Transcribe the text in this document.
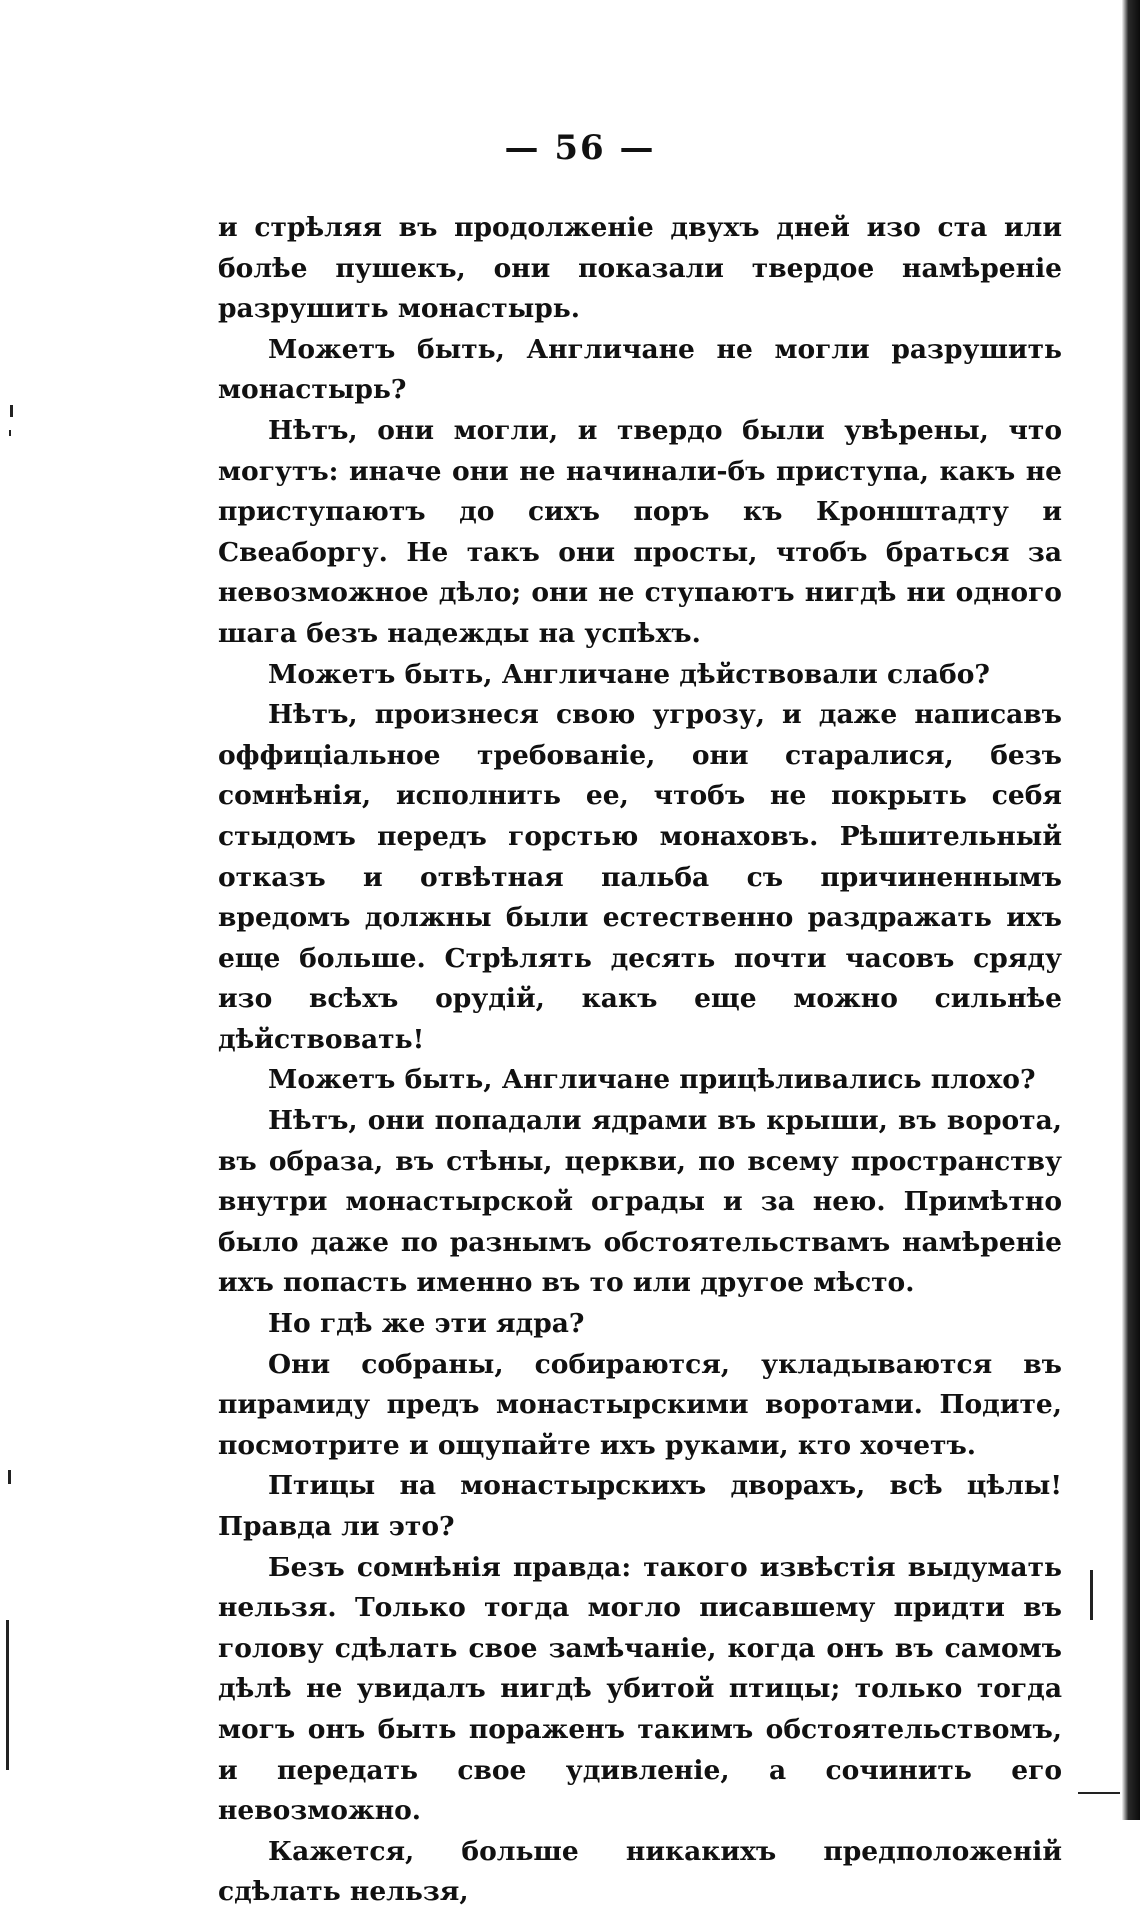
— 56 —

и стрѣляя въ продолженіе двухъ дней изо ста или болѣе пушекъ, они показали твердое намѣреніе разрушить монастырь.

Можетъ быть, Англичане не могли разрушить монастырь?

Нѣтъ, они могли, и твердо были увѣрены, что могутъ: иначе они не начинали-бъ приступа, какъ не приступаютъ до сихъ поръ къ Кронштадту и Свеаборгу. Не такъ они просты, чтобъ браться за невозможное дѣло; они не ступаютъ нигдѣ ни одного шага безъ надежды на успѣхъ.

Можетъ быть, Англичане дѣйствовали слабо?

Нѣтъ, произнеся свою угрозу, и даже написавъ оффиціальное требованіе, они старалися, безъ сомнѣнія, исполнить ее, чтобъ не покрыть себя стыдомъ передъ горстью монаховъ. Рѣшительный отказъ и отвѣтная пальба съ причиненнымъ вредомъ должны были естественно раздражать ихъ еще больше. Стрѣлять десять почти часовъ сряду изо всѣхъ орудій, какъ еще можно сильнѣе дѣйствовать!

Можетъ быть, Англичане прицѣливались плохо?

Нѣтъ, они попадали ядрами въ крыши, въ ворота, въ образа, въ стѣны, церкви, по всему пространству внутри монастырской ограды и за нею. Примѣтно было даже по разнымъ обстоятельствамъ намѣреніе ихъ попасть именно въ то или другое мѣсто.

Но гдѣ же эти ядра?

Они собраны, собираются, укладываются въ пирамиду предъ монастырскими воротами. Подите, посмотрите и ощупайте ихъ руками, кто хочетъ.

Птицы на монастырскихъ дворахъ, всѣ цѣлы! Правда ли это?

Безъ сомнѣнія правда: такого извѣстія выдумать нельзя. Только тогда могло писавшему придти въ голову сдѣлать свое замѣчаніе, когда онъ въ самомъ дѣлѣ не увидалъ нигдѣ убитой птицы; только тогда могъ онъ быть пораженъ такимъ обстоятельствомъ, и передать свое удивленіе, а сочинить его невозможно.

Кажется, больше никакихъ предположеній сдѣлать нельзя,
